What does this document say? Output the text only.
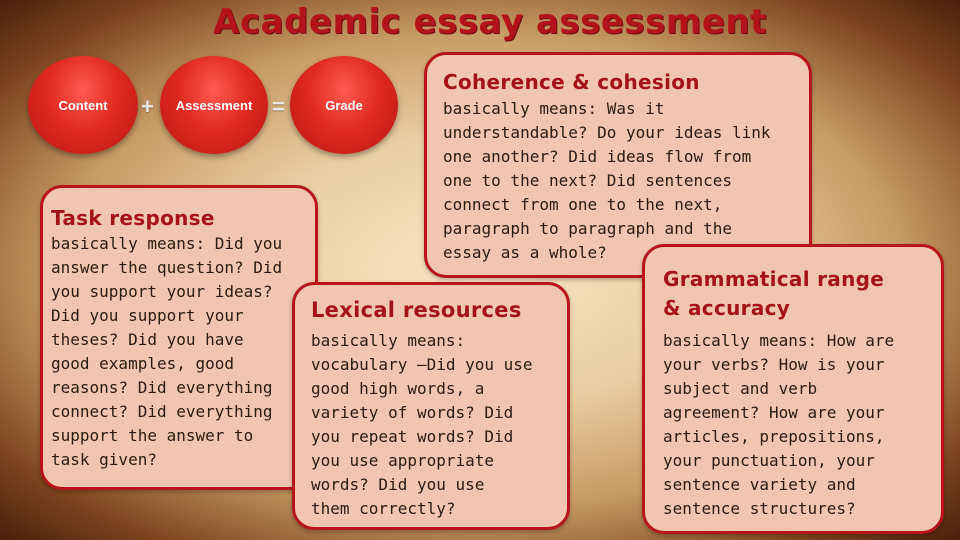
Academic essay assessment
Content	+	Assessment =	Grade
Coherence & cohesion

basically means: Was it
understandable? Do your ideas link
one another? Did ideas flow from
one to the next? Did sentences
connect from one to the next,
paragraph to paragraph and the
essay as a whole?

Task response

basically means: Did you
answer the question? Did
you support your ideas?
Did you support your
theses? Did you have
good examples, good
reasons? Did everything
connect? Did everything
support the answer to
task given?

Lexical resources

basically means:
vocabulary –Did you use
good high words, a
variety of words? Did
you repeat words? Did
you use appropriate
words? Did you use
them correctly?

Grammatical range
& accuracy

basically means: How are
your verbs? How is your
subject and verb
agreement? How are your
articles, prepositions,
your punctuation, your
sentence variety and
sentence structures?
